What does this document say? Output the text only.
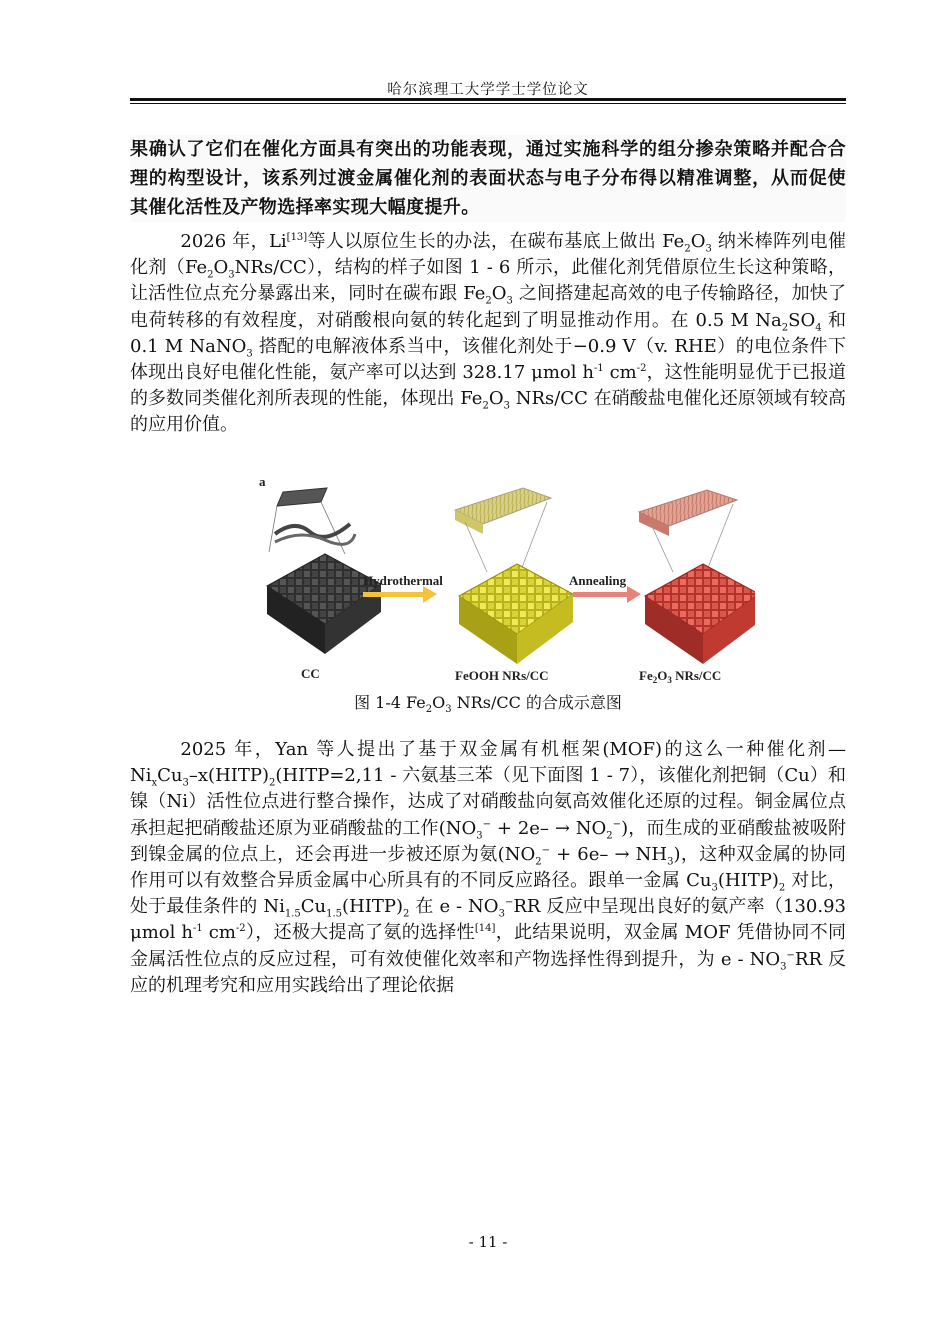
哈尔滨理工大学学士学位论文

果确认了它们在催化方面具有突出的功能表现，通过实施科学的组分掺杂策略并配合合理的构型设计，该系列过渡金属催化剂的表面状态与电子分布得以精准调整，从而促使其催化活性及产物选择率实现大幅度提升。

2026 年，Li[13]等人以原位生长的办法，在碳布基底上做出 $Fe_2O_3$ 纳米棒阵列电催化剂$(Fe_2O_3NRs/CC)$，结构的样子如图 1 - 6 所示，此催化剂凭借原位生长这种策略，让活性位点充分暴露出来，同时在碳布跟 $Fe_2O_3$ 之间搭建起高效的电子传输路径，加快了电荷转移的有效程度，对硝酸根向氨的转化起到了明显推动作用。在 0.5 M $Na_2SO_4$ 和 0.1 M NaNO$_3$ 搭配的电解液体系当中，该催化剂处于−0.9 V（v. RHE）的电位条件下体现出良好电催化性能，氨产率可以达到 328.17 μmol $h^{-1}$ $cm^{-2}$，这性能明显优于已报道的多数同类催化剂所表现的性能，体现出 $Fe_2O_3$ NRs/CC 在硝酸盐电催化还原领域有较高的应用价值。

a
Hydrothermal	Annealing
CC	FeOOH NRs/CC	$Fe_2O_3$ NRs/CC
图 1-4 $Fe_2O_3$ NRs/CC 的合成示意图

2025 年，Yan 等人提出了基于双金属有机框架(MOF)的这么一种催化剂$—Ni_xCu_3-x(HITP)_2(HITP=2,11$ - 六氨基三苯（见下面图 1 - 7），该催化剂把铜（Cu）和镍（Ni）活性位点进行整合操作，达成了对硝酸盐向氨高效催化还原的过程。铜金属位点承担起把硝酸盐还原为亚硝酸盐的工作$(NO_3^- + 2e- \to NO_2^-)$，而生成的亚硝酸盐被吸附到镍金属的位点上，还会再进一步被还原为氨$(NO_2^- + 6e- \to NH_3)$，这种双金属的协同作用可以有效整合异质金属中心所具有的不同反应路径。跟单一金属 $Cu_3(HITP)_2$ 对比，处于最佳条件的 $Ni_{1.5}Cu_{1.5}(HITP)_2$ 在 e - $NO_3^-RR$ 反应中呈现出良好的氨产率（130.93 μmol $h^{-1}$ $cm^{-2}$），还极大提高了氨的选择性[14]，此结果说明，双金属 MOF 凭借协同不同金属活性位点的反应过程，可有效使催化效率和产物选择性得到提升，为 e - $NO_3^-RR$ 反应的机理考究和应用实践给出了理论依据

- 11 -
